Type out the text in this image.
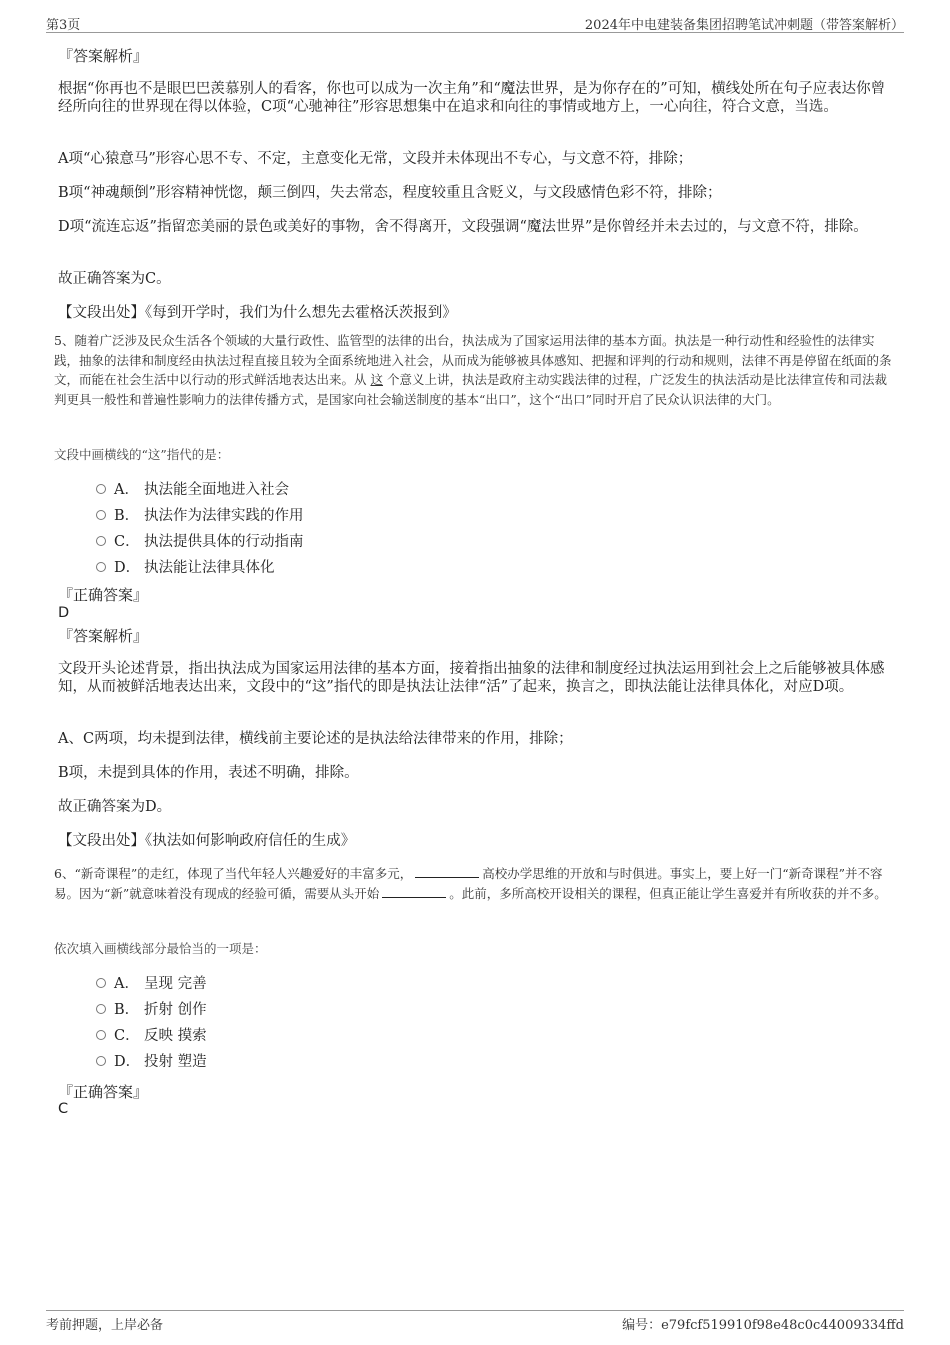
第3页	2024年中电建装备集团招聘笔试冲刺题（带答案解析）
『答案解析』

根据“你再也不是眼巴巴羡慕别人的看客，你也可以成为一次主角”和“魔法世界，是为你存在的”可知，横线处所在句子应表达你曾经所向往的世界现在得以体验，C项“心驰神往”形容思想集中在追求和向往的事情或地方上，一心向往，符合文意，当选。

A项“心猿意马”形容心思不专、不定，主意变化无常，文段并未体现出不专心，与文意不符，排除；

B项“神魂颠倒”形容精神恍惚，颠三倒四，失去常态，程度较重且含贬义，与文段感情色彩不符，排除；

D项“流连忘返”指留恋美丽的景色或美好的事物，舍不得离开，文段强调“魔法世界”是你曾经并未去过的，与文意不符，排除。

故正确答案为C。

【文段出处】《每到开学时，我们为什么想先去霍格沃茨报到》

5、随着广泛涉及民众生活各个领域的大量行政性、监管型的法律的出台，执法成为了国家运用法律的基本方面。执法是一种行动性和经验性的法律实践，抽象的法律和制度经由执法过程直接且较为全面系统地进入社会，从而成为能够被具体感知、把握和评判的行动和规则，法律不再是停留在纸面的条文，而能在社会生活中以行动的形式鲜活地表达出来。从 这 个意义上讲，执法是政府主动实践法律的过程，广泛发生的执法活动是比法律宣传和司法裁判更具一般性和普遍性影响力的法律传播方式，是国家向社会输送制度的基本“出口”，这个“出口”同时开启了民众认识法律的大门。
文段中画横线的“这”指代的是：
A． 执法能全面地进入社会
B． 执法作为法律实践的作用
C． 执法提供具体的行动指南
D． 执法能让法律具体化
『正确答案』
D
『答案解析』

文段开头论述背景，指出执法成为国家运用法律的基本方面，接着指出抽象的法律和制度经过执法运用到社会上之后能够被具体感知，从而被鲜活地表达出来，文段中的“这”指代的即是执法让法律“活”了起来，换言之，即执法能让法律具体化，对应D项。

A、C两项，均未提到法律，横线前主要论述的是执法给法律带来的作用，排除；

B项，未提到具体的作用，表述不明确，排除。

故正确答案为D。

【文段出处】《执法如何影响政府信任的生成》

6、“新奇课程”的走红，体现了当代年轻人兴趣爱好的丰富多元，	高校办学思维的开放和与时俱进。事实上，要上好一门“新奇课程”并不容易。因为“新”就意味着没有现成的经验可循，需要从头开始	。此前，多所高校开设相关的课程，但真正能让学生喜爱并有所收获的并不多。
依次填入画横线部分最恰当的一项是：
A． 呈现 完善
B． 折射 创作
C． 反映 摸索
D． 投射 塑造
『正确答案』
C
考前押题，上岸必备	编号：e79fcf519910f98e48c0c44009334ffd
